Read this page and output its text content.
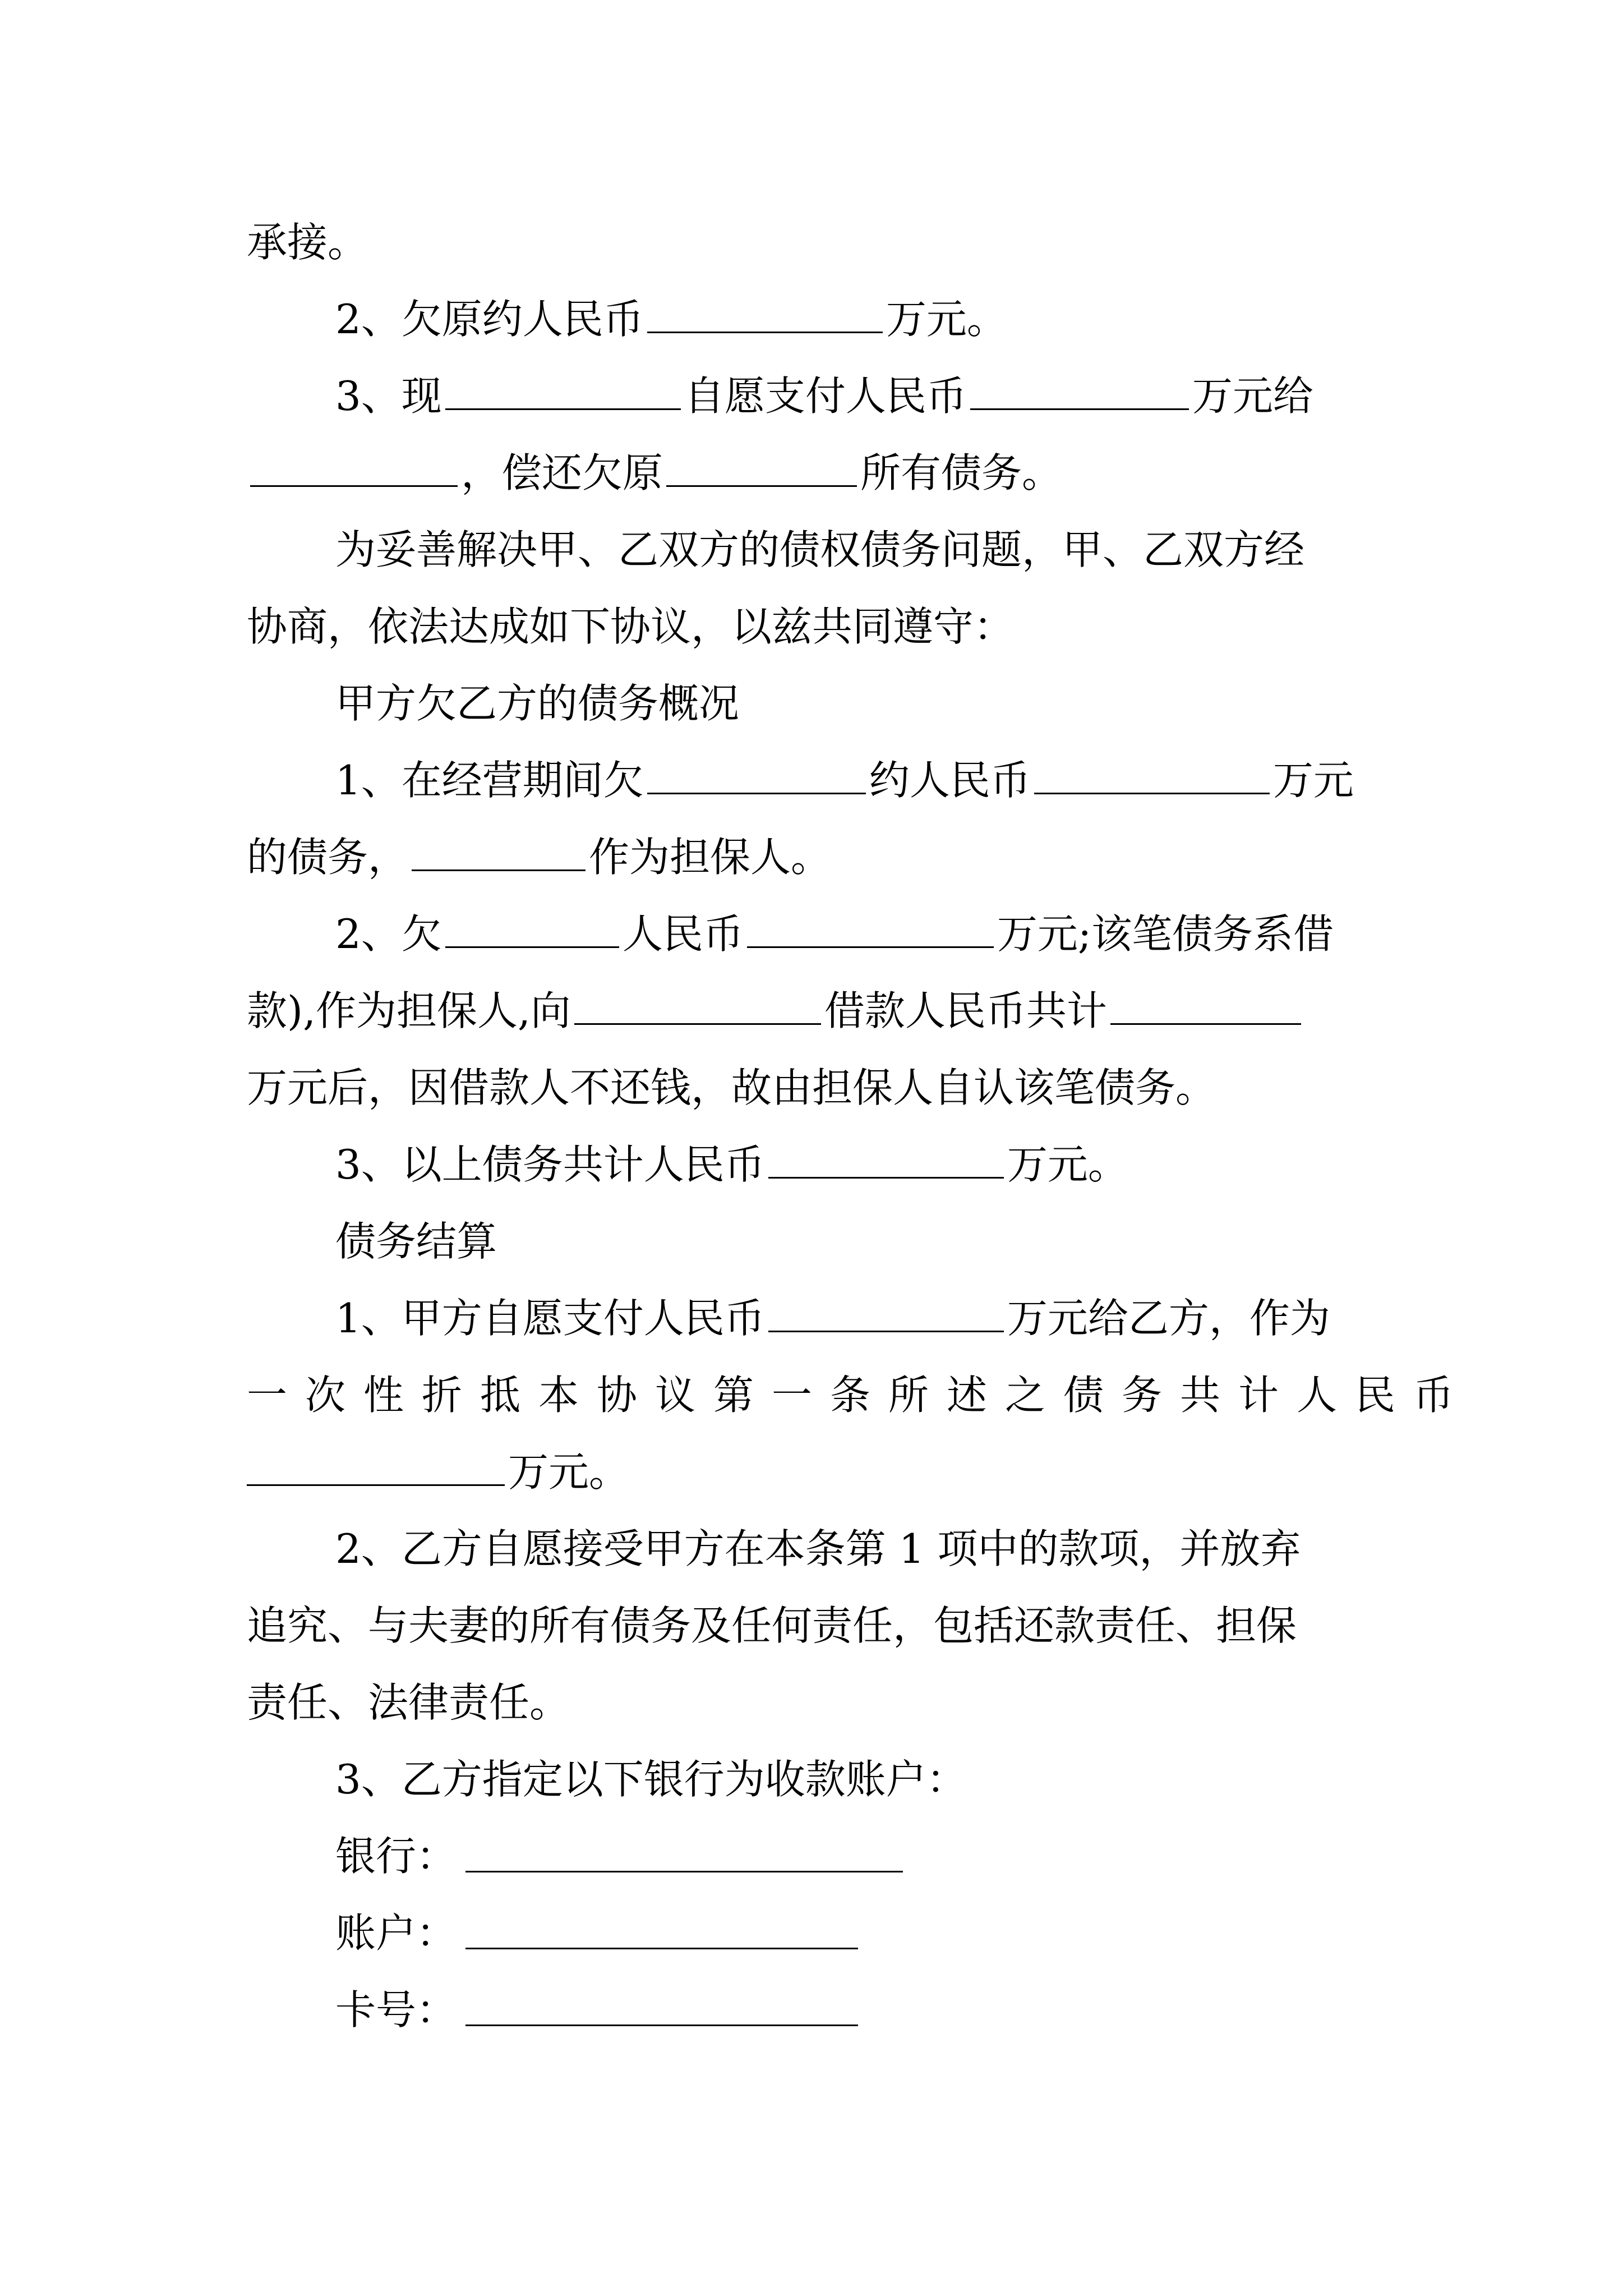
承接。
2、欠原约人民币	万元。
3、现	自愿支付人民币	万元给
，偿还欠原	所有债务。
为妥善解决甲、乙双方的债权债务问题，甲、乙双方经
协商，依法达成如下协议，以兹共同遵守：
甲方欠乙方的债务概况
1、在经营期间欠	约人民币	万元
的债务，	作为担保人。
2、欠	人民币	万元;该笔债务系借
款),作为担保人,向	借款人民币共计
万元后，因借款人不还钱，故由担保人自认该笔债务。
3、以上债务共计人民币	万元。
债务结算
1、甲方自愿支付人民币	万元给乙方，作为
一次性折抵本协议第一条所述之债务共计人民币
万元。
2、乙方自愿接受甲方在本条第 1 项中的款项，并放弃
追究、与夫妻的所有债务及任何责任，包括还款责任、担保
责任、法律责任。
3、乙方指定以下银行为收款账户：
银行：
账户：
卡号：
